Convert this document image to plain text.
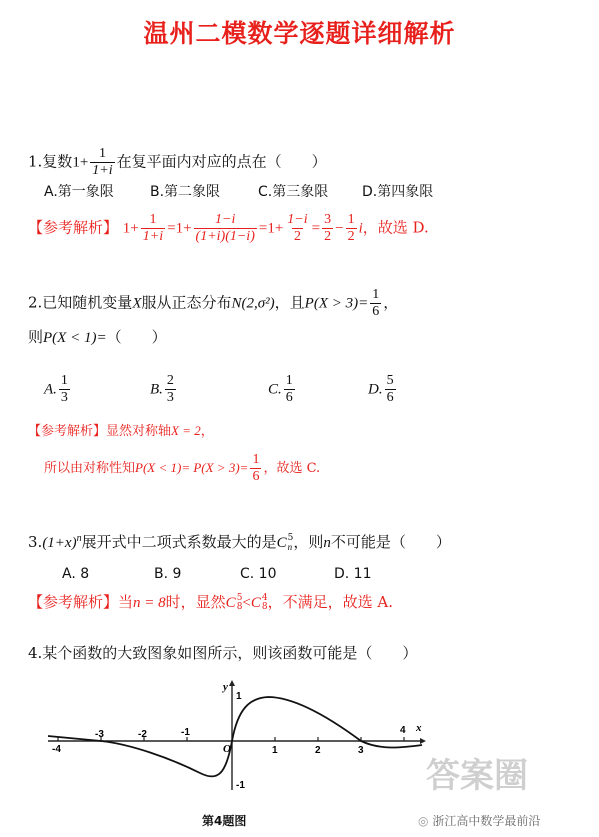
温州二模数学逐题详细解析
1.复数$1+ \frac{1}{1+i}$ 在复平面内对应的点在（　　）
A.第一象限	B.第二象限	C.第三象限 D.第四象限
【参考解析】 $1+ \frac{1}{1+i} =1+ \frac{1-i}{(1+i)(1-i)} =1+ \frac{1-i}{2} = \frac{3}{2} - \frac{1}{2}$ i，故选 D.
2.已知随机变量X服从正态分布N(2,σ²)，且$P(X > 3)= \frac{1}{6}$ ，
则P(X < 1)=（　　）
A. $\frac{1}{3}$	B. $\frac{2}{3}$	C. $\frac{1}{6}$	D. $\frac{5}{6}$
【参考解析】显然对称轴X = 2，
所以由对称性知$P(X < 1)= P(X > 3)= \frac{1}{6}$ ，故选 C.
$3.(1+x)^n$展开式中二项式系数最大的是C 5
n ，则n不可能是（　　）
A. 8	B. 9	C. 10	D. 11
【参考解析】当n = 8时，显然C 5
8 <C 4
8 ，不满足，故选 A.
4.某个函数的大致图象如图所示，则该函数可能是（　　）
y
x
O
-4
-3	-2	-1
1	2	3
4
1
-1
第4题图
答案圈
◎ 浙江高中数学最前沿
